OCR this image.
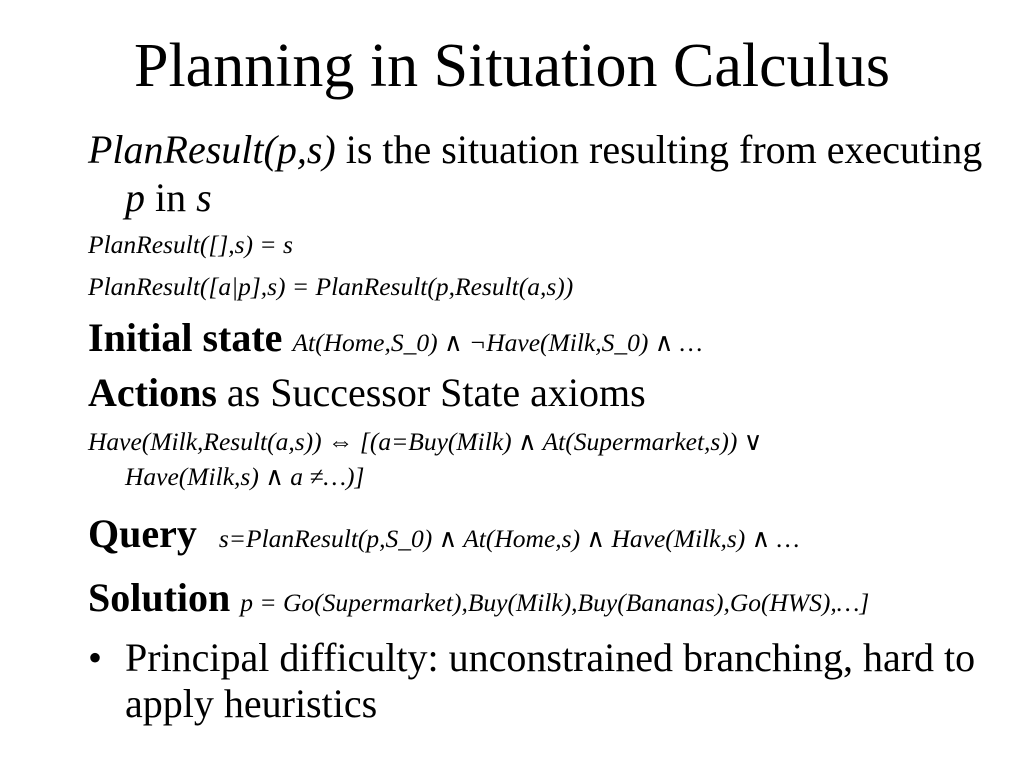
Planning in Situation Calculus
PlanResult(p,s) is the situation resulting from executing
p in s
PlanResult([],s) = s
PlanResult([a|p],s) = PlanResult(p,Result(a,s))
Initial state At(Home,S_0) ∧ ¬Have(Milk,S_0) ∧ …
Actions as Successor State axioms
Have(Milk,Result(a,s)) ⇔ [(a=Buy(Milk) ∧ At(Supermarket,s)) ∨
Have(Milk,s) ∧ a ≠…)]
Query s=PlanResult(p,S_0) ∧ At(Home,s) ∧ Have(Milk,s) ∧ …
Solution p = Go(Supermarket),Buy(Milk),Buy(Bananas),Go(HWS),…]
• Principal difficulty: unconstrained branching, hard to
apply heuristics
